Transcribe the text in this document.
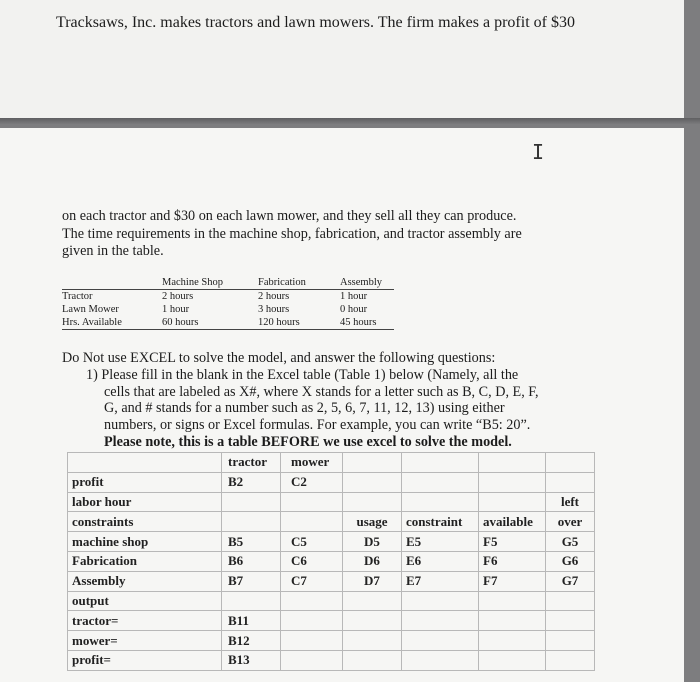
Tracksaws, Inc. makes tractors and lawn mowers. The firm makes a profit of $30
I
on each tractor and $30 on each lawn mower, and they sell all they can produce.
The time requirements in the machine shop, fabrication, and tractor assembly are
given in the table.
	Machine Shop	Fabrication	Assembly
Tractor	2 hours	2 hours	1 hour
Lawn Mower	1 hour	3 hours	0 hour
Hrs. Available	60 hours	120 hours	45 hours
Do Not use EXCEL to solve the model, and answer the following questions:
1) Please fill in the blank in the Excel table (Table 1) below (Namely, all the
cells that are labeled as X#, where X stands for a letter such as B, C, D, E, F,
G, and # stands for a number such as 2, 5, 6, 7, 11, 12, 13) using either
numbers, or signs or Excel formulas. For example, you can write “B5: 20”.
Please note, this is a table BEFORE we use excel to solve the model.
	tractor	mower				
profit	B2	C2				
labor hour						left
constraints			usage	constraint	available	over
machine shop	B5	C5	D5	E5	F5	G5
Fabrication	B6	C6	D6	E6	F6	G6
Assembly	B7	C7	D7	E7	F7	G7
output						
tractor=	B11					
mower=	B12					
profit=	B13					
